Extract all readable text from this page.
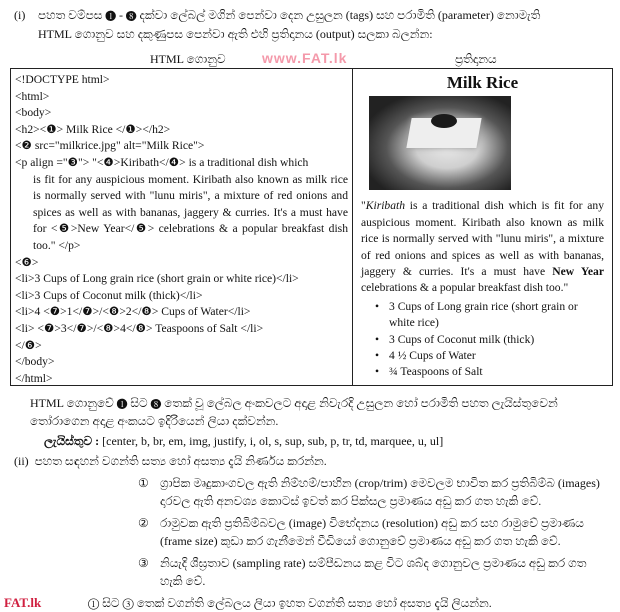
(i) පහත වම්පස ❶ - ❽ දක්වා ලේබල් මගින් පෙන්වා දෙන උසුලන (tags) සහ පරාමිති (parameter) නොමැති
HTML ගොනුව සහ දකුණුපස පෙන්වා ඇති එහි ප්‍රතිදානය (output) සලකා බලන්න:
HTML ගොනුව	www.FAT.lk	ප්‍රතිදානය
<!DOCTYPE html>
<html>
<body>
<h2><❶> Milk Rice </❶></h2>
<❷ src="milkrice.jpg" alt="Milk Rice">
<p align ="❸"> "<❹>Kiribath</❹> is a traditional dish which
is fit for any auspicious moment. Kiribath also known as milk rice is normally served with "lunu miris", a mixture of red onions and spices as well as with bananas, jaggery & curries. It's a must have for <❺>New Year</❺> celebrations & a popular breakfast dish too." </p>
<❻>
<li>3 Cups of Long grain rice (short grain or white rice)</li>
<li>3 Cups of Coconut milk (thick)</li>
<li>4 <❼>1</❼>/<❽>2</❽> Cups of Water</li>
<li> <❼>3</❼>/<❽>4</❽> Teaspoons of Salt </li>
</❻>
</body>
</html>
Milk Rice
"Kiribath is a traditional dish which is fit for any auspicious moment. Kiribath also known as milk rice is normally served with "lunu miris", a mixture of red onions and spices as well as with bananas, jaggery & curries. It's a must have New Year celebrations & a popular breakfast dish too."
• 3 Cups of Long grain rice (short grain or white rice)
• 3 Cups of Coconut milk (thick)
• 4 ½ Cups of Water
• ¾ Teaspoons of Salt
HTML ගොනුවේ ❶ සිට ❽ තෙක් වූ ලේබල අංකවලට අදාළ නිවැරදි උසුලන හෝ පරාමිති පහත ලැයිස්තුවෙන් තෝරාගෙන අදාළ අංකයට ඉදිරියෙන් ලියා දක්වන්න.
ලැයිස්තුව : [center, b, br, em, img, justify, i, ol, s, sup, sub, p, tr, td, marquee, u, ul]
(ii) පහත සඳහන් වගන්ති සත්‍ය හෝ අසත්‍ය දැයි නිර්ණය කරන්න.
① ග්‍රාපික මෘදුකාංගවල ඇති නිම්හම්/පාහින (crop/trim) මෙවලම භාවිත කර ප්‍රතිබිම්බ (images) දාරවල ඇති අනවශ්‍ය කොටස් ඉවත් කර පික්සල ප්‍රමාණය අඩු කර ගත හැකි වේ.
② රාමුවක ඇති ප්‍රතිබිම්බවල (image) විභේදනය (resolution) අඩු කර සහ රාමුවේ ප්‍රමාණය (frame size) කුඩා කර ගැනීමෙන් වීඩියෝ ගොනුවේ ප්‍රමාණය අඩු කර ගත හැකි වේ.
③ නියැදි ශීඝ්‍රතාව (sampling rate) සම්පීඩනය කළ විට ශබ්ද ගොනුවල ප්‍රමාණය අඩු කර ගත හැකි වේ.
FAT.lk	① සිට ③ තෙක් වගන්ති ලේබලය ලියා ඉහත වගන්ති සත්‍ය හෝ අසත්‍ය දැයි ලියන්න.
